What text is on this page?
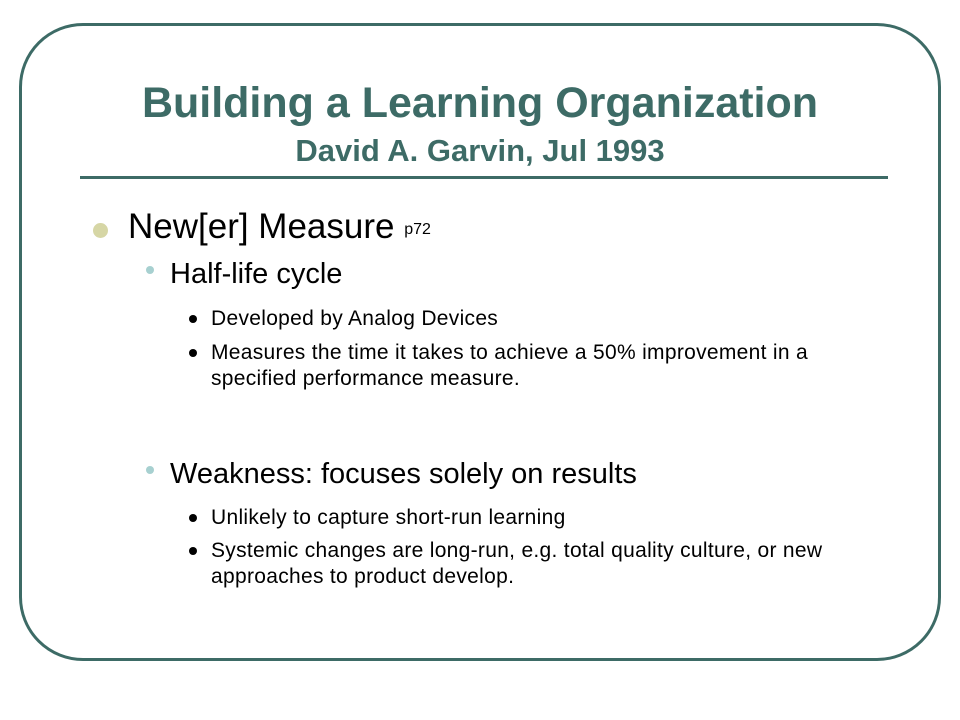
Building a Learning Organization
David A. Garvin, Jul 1993

New[er] Measure $^{p72}$

Half-life cycle

Developed by Analog Devices

Measures the time it takes to achieve a 50% improvement in a specified performance measure.

Weakness: focuses solely on results

Unlikely to capture short-run learning

Systemic changes are long-run, e.g. total quality culture, or new approaches to product develop.
